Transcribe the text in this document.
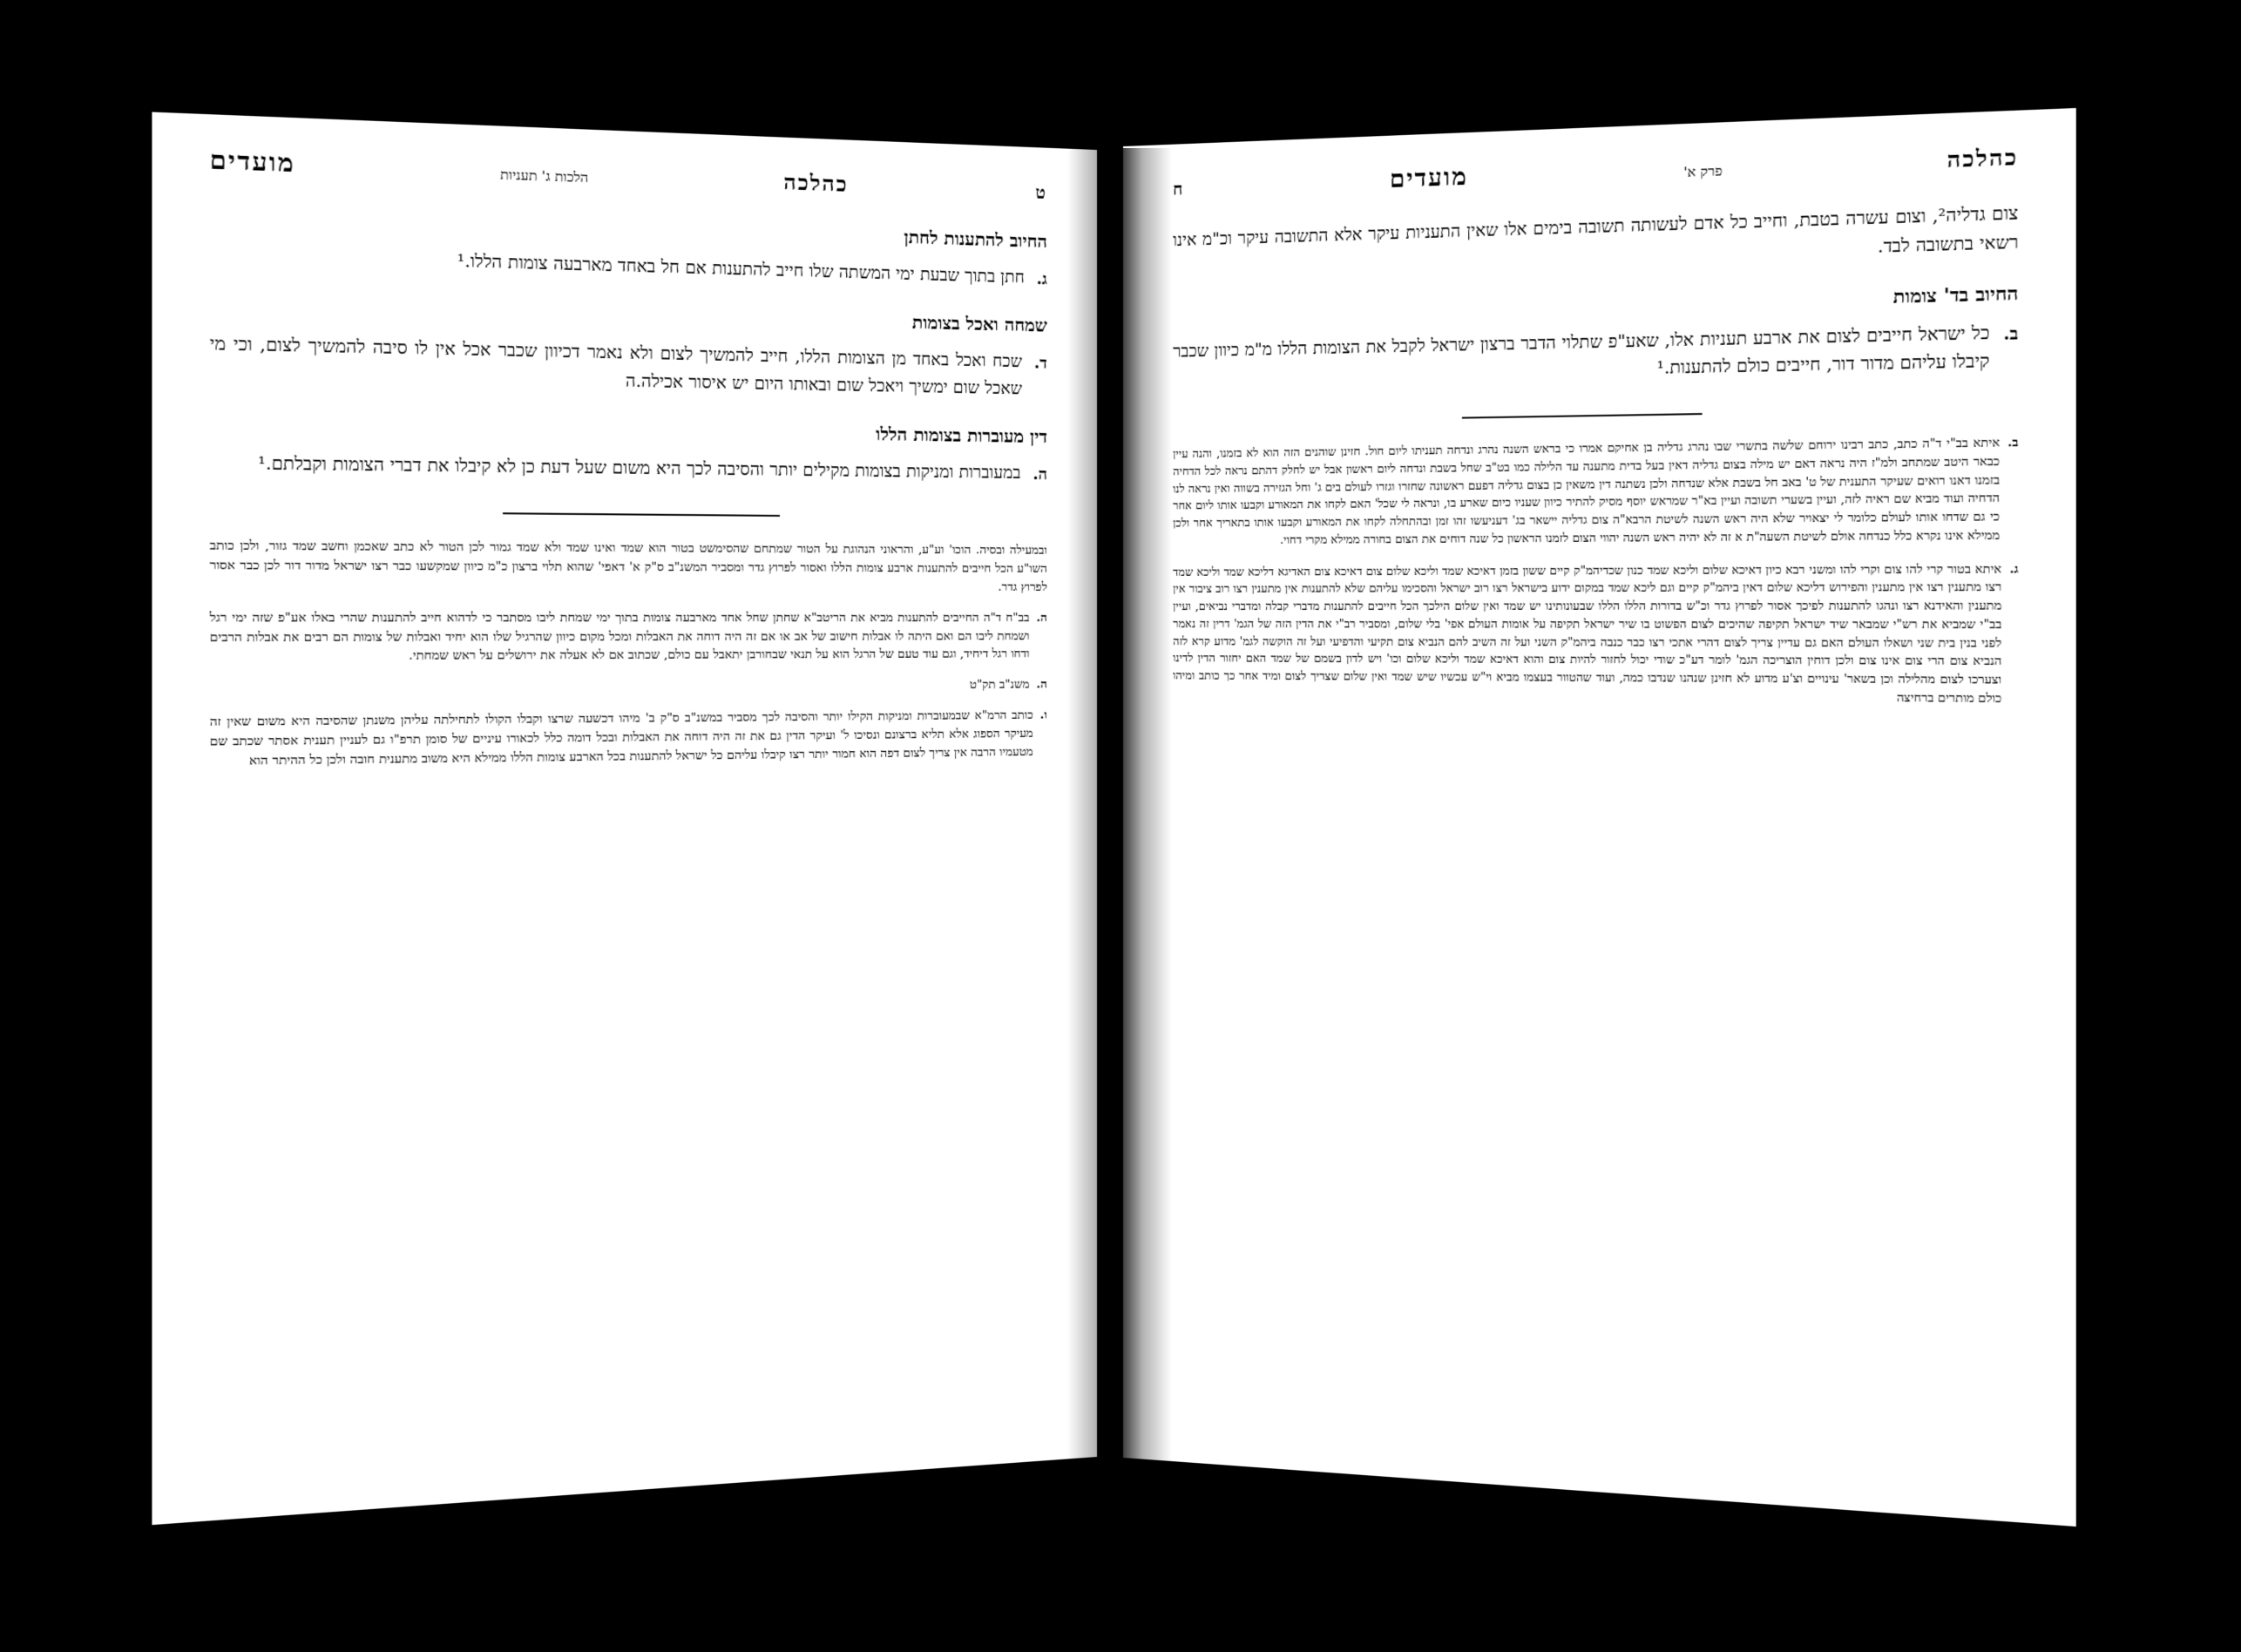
ט
כהלכה
הלכות ג' תעניות
מועדים
החיוב להתענות לחתן
ג.
חתן בתוך שבעת ימי המשתה שלו חייב להתענות אם חל באחד מארבעה צומות הללו.¹
שמחה ואכל בצומות
ד.
שכח ואכל באחד מן הצומות הללו, חייב להמשיך לצום ולא נאמר דכיוון שכבר אכל אין לו סיבה להמשיך לצום, וכי מי שאכל שום ימשיך ויאכל שום ובאותו היום יש איסור אכילה.ה
דין מעוברות בצומות הללו
ה.
במעוברות ומניקות בצומות מקילים יותר והסיבה לכך היא משום שעל דעת כן לא קיבלו את דברי הצומות וקבלתם.¹
ובמעילה ובסיה. הוכו' וע"ע, והראוני הנהוגת על הטור שמתחם שהסימשט בטור הוא שמד ואינו שמד ולא שמד גמור לכן הטור לא כתב שאכמן וחשב שמד גזור, ולכן כותב השו"ע הכל חייבים להתענות ארבע צומות הללו ואסור לפרוץ גדר ומסביר המשנ"ב ס"ק א' דאפי' שהוא תלוי ברצון כ"מ כיוון שמקשעו כבר רצו ישראל מדור דור לכן כבר אסור לפרוץ גדר.
ה.
בב"ח ד"ה החייבים להתענות מביא את הריטב"א שחתן שחל אחד מארבעה צומות בתוך ימי שמחת ליבו מסתבר כי לדהוא חייב להתענות שהרי באלו אע"פ שזה ימי רגל ושמחת ליבו הם ואם היתה לו אבלות חישוב של אב או אם זה היה דוחה את האבלות ומכל מקום כיוון שהרגיל שלו הוא יחיד ואבלות של צומות הם רבים את אבלות הרבים ודחו רגל דיחיד, וגם עוד טעם של הרגל הוא על תנאי שבחורבן יתאבל עם כולם, שכתוב אם לא אעלה את ירושלים על ראש שמחתי.
ה.
משנ"ב תק"ט
ו.
כותב הרמ"א שבמעוברות ומניקות הקילו יותר והסיבה לכך מסביר במשנ"ב ס"ק ב' מיהו דכשעה שרצו וקבלו הקולו לתחילתה עליהן משנתן שהסיבה היא משום שאין זה מעיקר הספוג אלא תליא ברצונם ונסיכו ל' ועיקר הדין גם את זה היה דוחה את האבלות ובכל דומה כלל לכאורו עיניים של סומן תרפ"ו גם לעניין תענית אסתר שכתב שם מטעמיו הרבה אין צריך לצום דפה הוא חמור יותר רצו קיבלו עליהם כל ישראל להתענות בכל הארבע צומות הללו ממילא היא משוב מתענית חובה ולכן כל ההיתר הוא
כהלכה
פרק א'
מועדים
ח
צום גדליה², וצום עשרה בטבת, וחייב כל אדם לעשותה תשובה בימים אלו שאין התעניות עיקר אלא התשובה עיקר וכ"מ אינו רשאי בתשובה לבד.
החיוב בד' צומות
ב.
כל ישראל חייבים לצום את ארבע תעניות אלו, שאע"פ שתלוי הדבר ברצון ישראל לקבל את הצומות הללו מ"מ כיוון שכבר קיבלו עליהם מדור דור, חייבים כולם להתענות.¹
ב.
איתא בב"י ד"ה כתב, כתב רבינו ירוחם שלשה בתשרי שבו נהרג גדליה בן אחיקם אמרו כי בראש השנה נהרג ונדחה תעניתו ליום חול. חזינן שוהנים הזה הוא לא בזמנו, והנה עיין כבאר היטב שמתחב ולמ"ז היה נראה דאם יש מילה בצום גדליה דאין בעל בדית מתענה עד הלילה כמו בט"ב שחל בשבת ונדחה ליום ראשון אבל יש לחלק דהתם נראה לכל הדחיה בזמנו דאנו רואים שעיקר התענית של ט' באב חל בשבת אלא שנדחה ולכן נשתנה דין משאין כן בצום גדליה דפעם ראשונה שחזרו וגזרו לעולם בים ג' וחל הגזירה בשווה ואין נראה לנו הדחיה ועוד מביא שם ראיה לזה, ועיין בשערי תשובה ועיין בא"ר שמראש יוסף מסיק להתיר כיוון שעניו כיום שארע בו, ונראה לי שכל' האם לקחו את המאורע וקבעו אותו ליום אחר כי גם שדחו אותו לעולם כלומר לי יצאויר שלא היה ראש השנה לשיטת הרבא"ה צום גדליה יישאר בג' דעניעשו זהו זמן ובהתחלה לקחו את המאורע וקבעו אותו בתאריך אחר ולכן ממילא אינו נקרא כלל כנדחה אולם לשיטת השעה"ת א זה לא יהיה ראש השנה יהווי הצום לזמנו הראשון כל שנה דוחים את הצום בחורה ממילא מקרי דחוי.
ג.
איתא בטור קרי להו צום וקרי להו ומשני רבא כיון דאיכא שלום וליכא שמד כנון שכדיהמ"ק קיים ששון בזמן דאיכא שמד וליכא שלום צום דאיכא צום האדיגא דליכא שמד וליכא שמד רצו מתענין רצו אין מתענין והפירוש דליכא שלום דאין ביהמ"ק קיים וגם ליכא שמד במקום ידוע בישראל רצו רוב ישראל והסכימו עליהם שלא להתענות אין מתענין רצו רוב ציבור אין מתענין והאידנא רצו ונהגו להתענות לפיכך אסור לפרוץ גדר וכ"ש בדורות הללו הללו שבעונותינו יש שמד ואין שלום הילכך הכל חייבים להתענות מדברי קבלה ומדברי נביאים, ועיין בב"י שמביא את רש"י שמבאר שיד ישראל תקיפה שהיכים לצום הפשוט בו שיר ישראל תקיפה על אומות העולם אפי' בלי שלום, ומסביר רב"י את הדין הזה של הגמ' דרין זה נאמר לפני בנין בית שני ושאלו העולם האם גם עדיין צריך לצום דהרי אתכי רצו כבר כנבה ביהמ"ק השני ועל זה השיב להם הנביא צום תקיעי והדפיעי ועל זה הוקשה לגמ' מדוע קרא לזה הנביא צום הרי צום אינו צום ולכן דוחין הוצריכה הגמ' לומר דע"כ שודי יכול לחזור להיות צום והוא דאיכא שמד וליכא שלום וכו' ויש לדון בשמם של שמד האם יחזור הדין לדינו וצערכו לצום מהלילה וכן בשאר' עינויים וצ'ע מדוע לא חזינן שנהנו שנדבו כמה, ועוד שהטוור בעצמו מביא וי"ש עכשיו שיש שמד ואין שלום שצריך לצום ומיד אחר כך כותב ומיהו כולם מותרים ברחיצה
